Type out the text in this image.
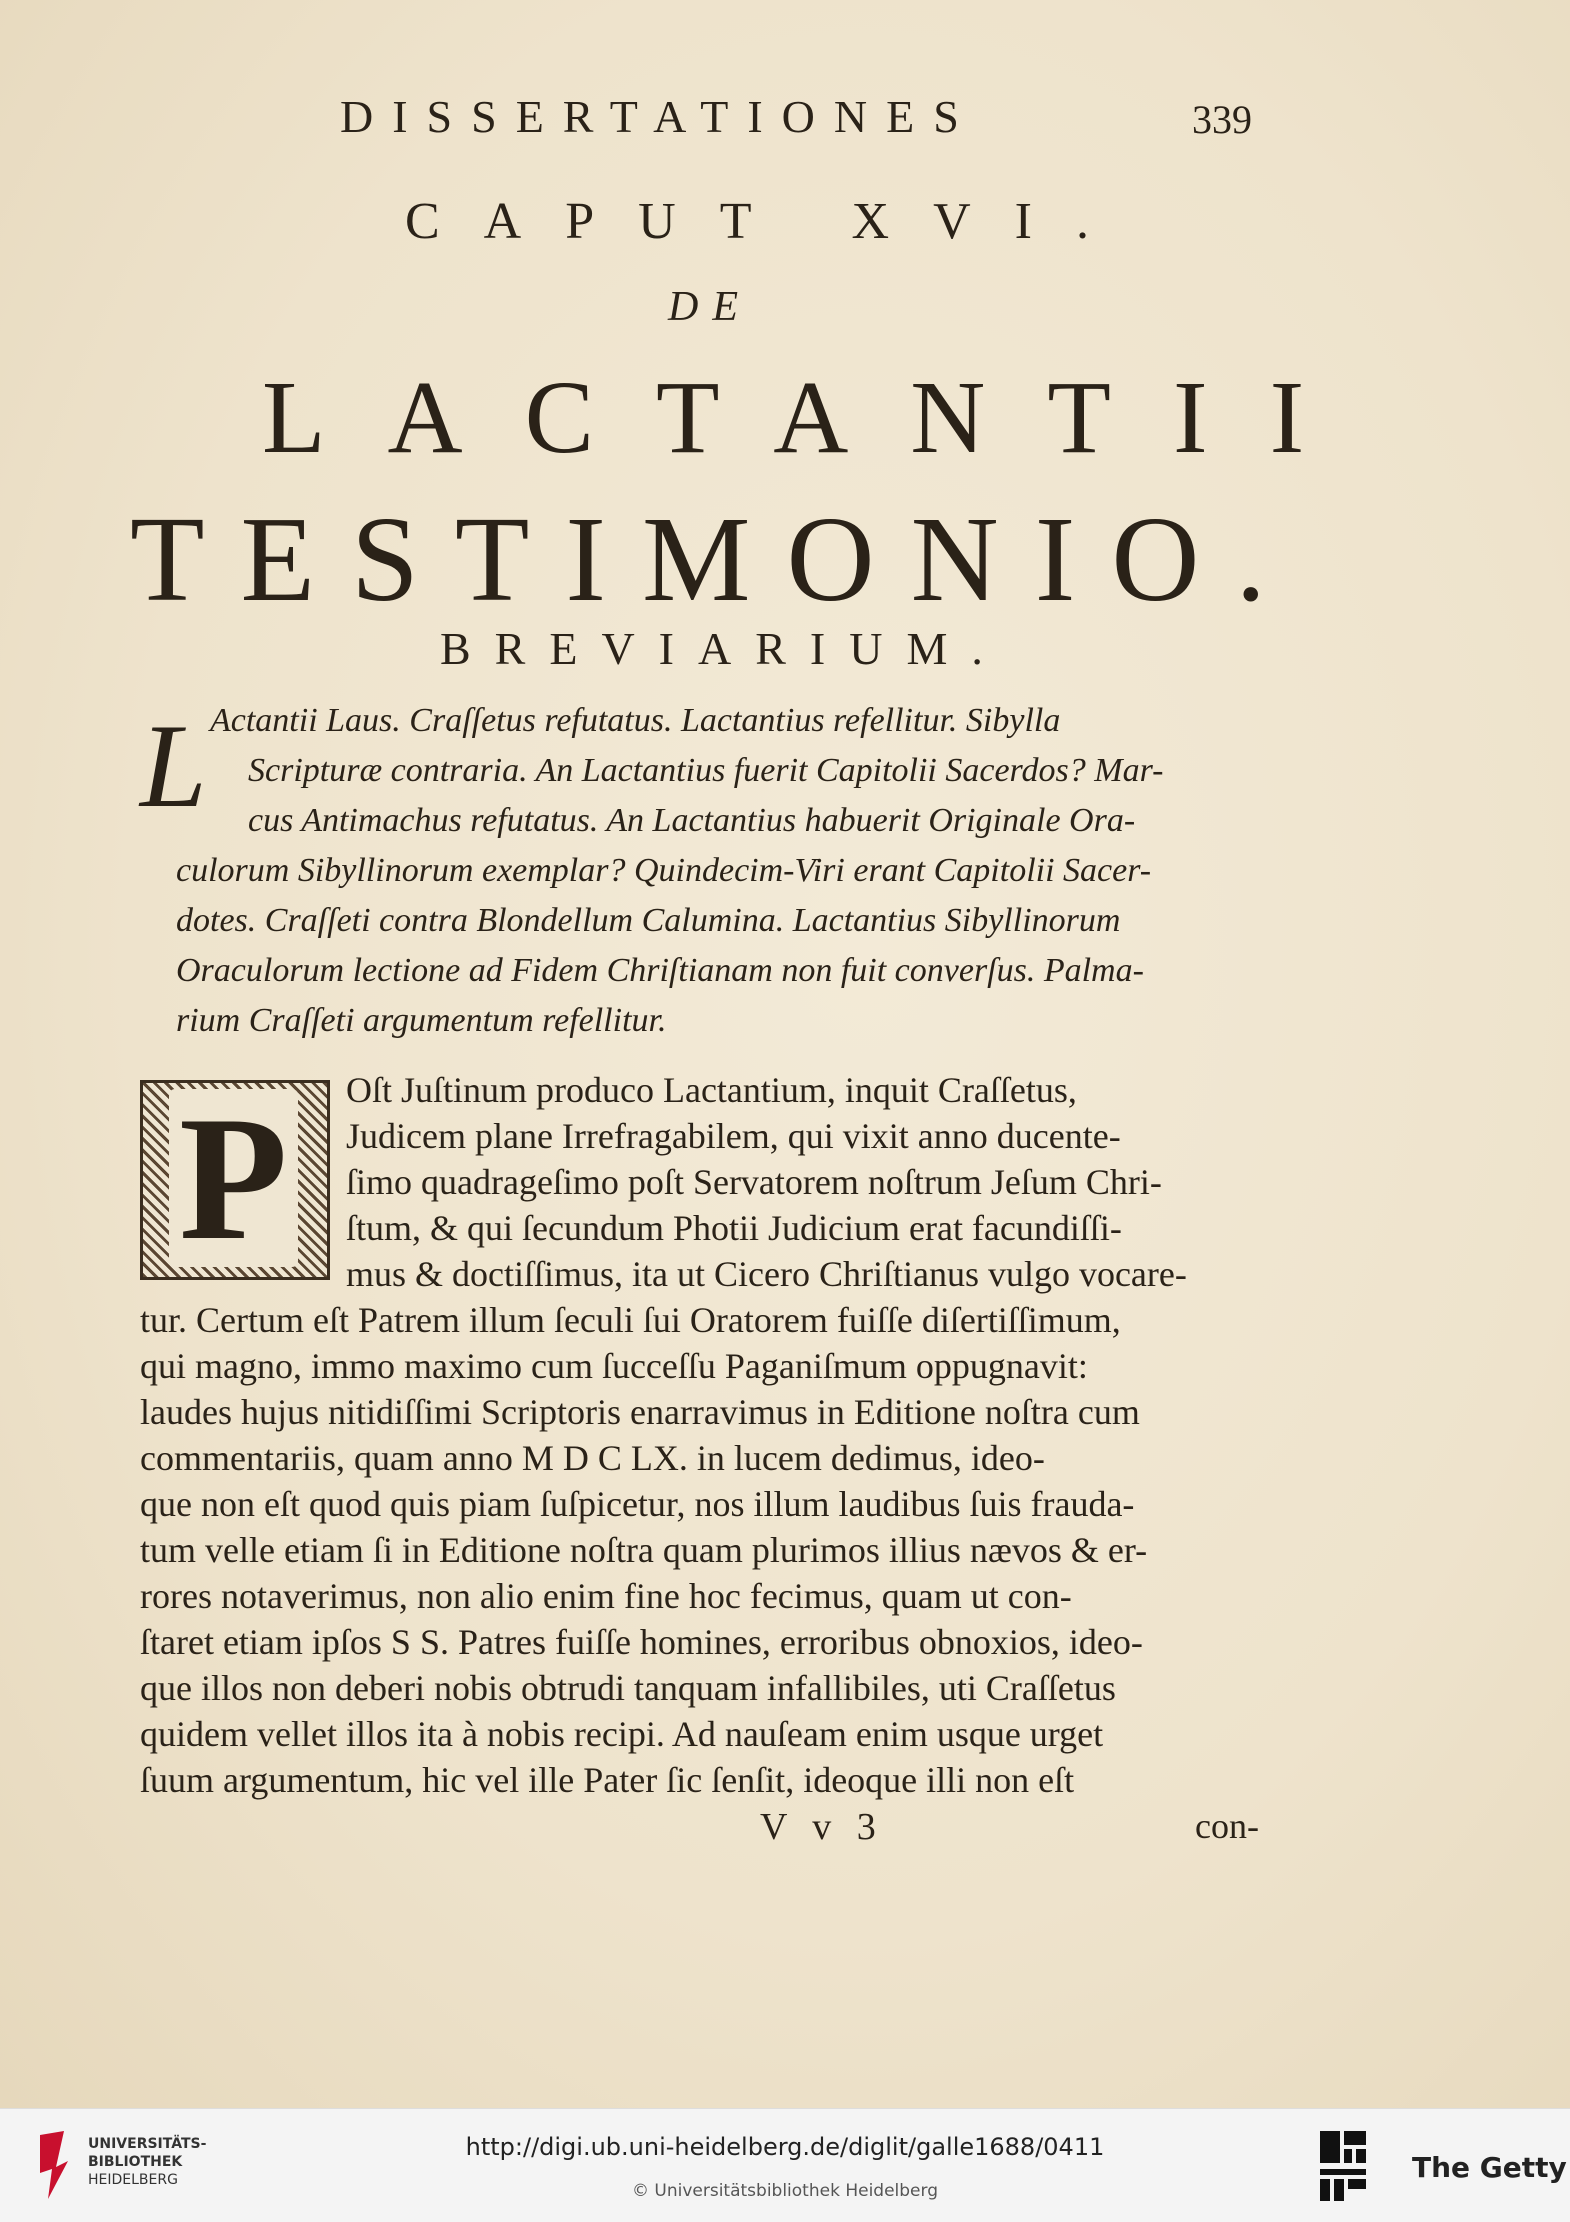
DISSERTATIONES	339
CAPUT XVI.
DE
LACTANTII
TESTIMONIO.
BREVIARIUM.
L Actantii Laus. Craſſetus refutatus. Lactantius refellitur. Sibylla
Scripturæ contraria. An Lactantius fuerit Capitolii Sacerdos? Mar-
cus Antimachus refutatus. An Lactantius habuerit Originale Ora-
culorum Sibyllinorum exemplar? Quindecim-Viri erant Capitolii Sacer-
dotes. Craſſeti contra Blondellum Calumina. Lactantius Sibyllinorum
Oraculorum lectione ad Fidem Chriſtianam non fuit converſus. Palma-
rium Craſſeti argumentum refellitur.
P Oſt Juſtinum produco Lactantium, inquit Craſſetus,
Judicem plane Irrefragabilem, qui vixit anno ducente-
ſimo quadrageſimo poſt Servatorem noſtrum Jeſum Chri-
ſtum, & qui ſecundum Photii Judicium erat facundiſſi-
mus & doctiſſimus, ita ut Cicero Chriſtianus vulgo vocare-
tur. Certum eſt Patrem illum ſeculi ſui Oratorem fuiſſe diſertiſſimum,
qui magno, immo maximo cum ſucceſſu Paganiſmum oppugnavit:
laudes hujus nitidiſſimi Scriptoris enarravimus in Editione noſtra cum
commentariis, quam anno M D C LX. in lucem dedimus, ideo-
que non eſt quod quis piam ſuſpicetur, nos illum laudibus ſuis frauda-
tum velle etiam ſi in Editione noſtra quam plurimos illius nævos & er-
rores notaverimus, non alio enim fine hoc fecimus, quam ut con-
ſtaret etiam ipſos S S. Patres fuiſſe homines, erroribus obnoxios, ideo-
que illos non deberi nobis obtrudi tanquam infallibiles, uti Craſſetus
quidem vellet illos ita à nobis recipi. Ad nauſeam enim usque urget
ſuum argumentum, hic vel ille Pater ſic ſenſit, ideoque illi non eſt
V v 3	con-
UNIVERSITÄTS-
BIBLIOTHEK
HEIDELBERG
http://digi.ub.uni-heidelberg.de/diglit/galle1688/0411
© Universitätsbibliothek Heidelberg
The Getty
